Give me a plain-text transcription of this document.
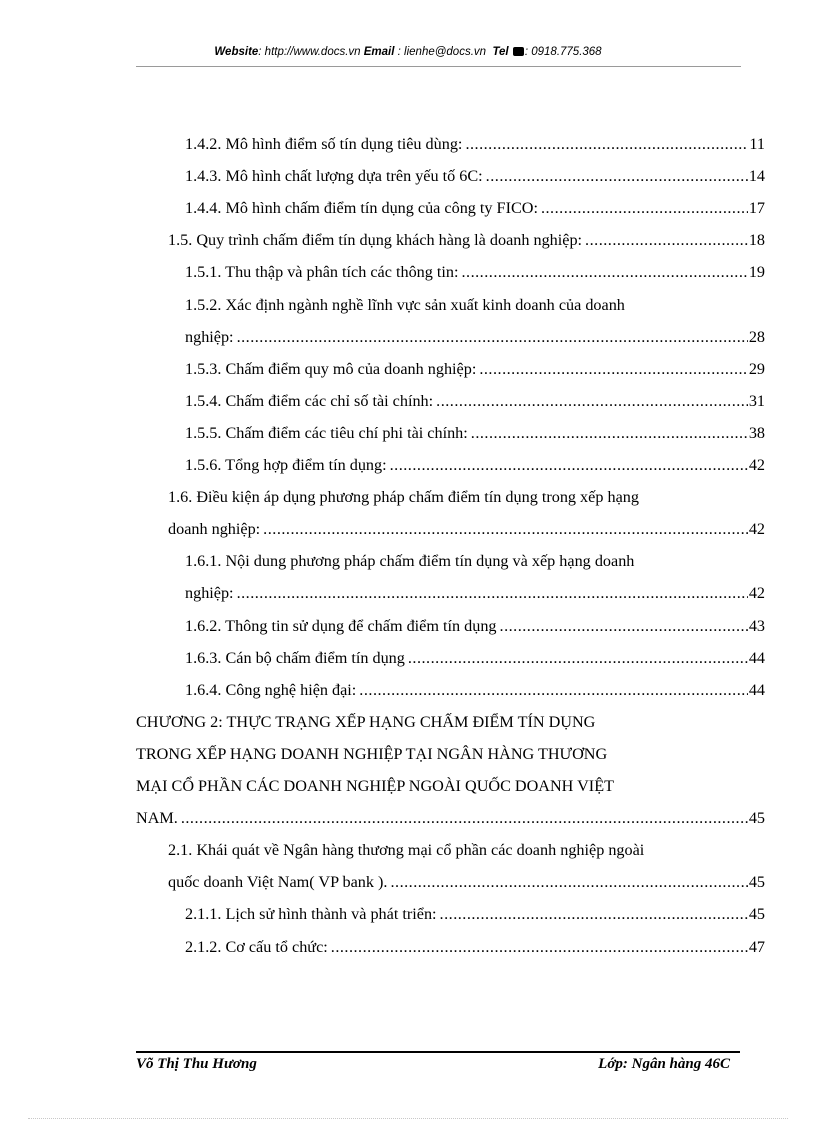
Website: http://www.docs.vn Email : lienhe@docs.vn Tel : 0918.775.368
1.4.2. Mô hình điểm số tín dụng tiêu dùng: .....	11
1.4.3. Mô hình chất lượng dựa trên yếu tố 6C: .....	14
1.4.4. Mô hình chấm điểm tín dụng của công ty FICO: .....	17
1.5. Quy trình chấm điểm tín dụng khách hàng là doanh nghiệp: .....	18
1.5.1. Thu thập và phân tích các thông tin: .....	19
1.5.2. Xác định ngành nghề lĩnh vực sản xuất kinh doanh của doanh
nghiệp: .....	28
1.5.3. Chấm điểm quy mô của doanh nghiệp: .....	29
1.5.4. Chấm điểm các chỉ số tài chính: .....	31
1.5.5. Chấm điểm các tiêu chí phi tài chính: .....	38
1.5.6. Tổng hợp điểm tín dụng: .....	42
1.6. Điều kiện áp dụng phương pháp chấm điểm tín dụng trong xếp hạng
doanh nghiệp: .....	42
1.6.1. Nội dung phương pháp chấm điểm tín dụng và xếp hạng doanh
nghiệp: .....	42
1.6.2. Thông tin sử dụng để chấm điểm tín dụng .....	43
1.6.3. Cán bộ chấm điểm tín dụng .....	44
1.6.4. Công nghệ hiện đại: .....	44
CHƯƠNG 2: THỰC TRẠNG XẾP HẠNG CHẤM ĐIỂM TÍN DỤNG
TRONG XẾP HẠNG DOANH NGHIỆP TẠI NGÂN HÀNG THƯƠNG
MẠI CỔ PHẦN CÁC DOANH NGHIỆP NGOÀI QUỐC DOANH VIỆT
NAM. .....	45
2.1. Khái quát về Ngân hàng thương mại cổ phần các doanh nghiệp ngoài
quốc doanh Việt Nam( VP bank ). .....	45
2.1.1. Lịch sử hình thành và phát triển: .....	45
2.1.2. Cơ cấu tổ chức: .....	47
Võ Thị Thu Hương	Lớp: Ngân hàng 46C
